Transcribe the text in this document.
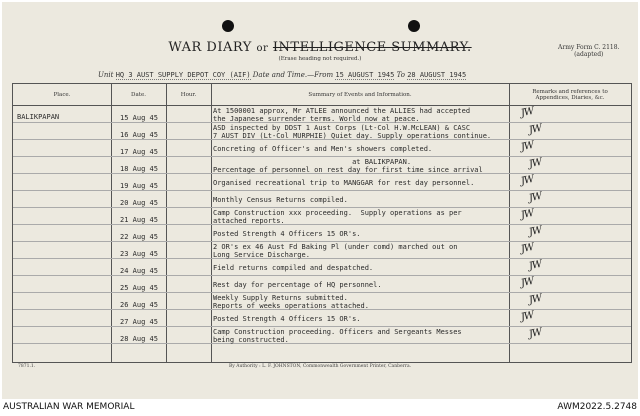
WAR DIARY or INTELLIGENCE SUMMARY.
(Erase heading not required.)
Army Form C. 2118.
(adapted)
Unit HQ 3 AUST SUPPLY DEPOT COY (AIF) Date and Time.—From 15 AUGUST 1945 To 28 AUGUST 1945
Place.	Date.	Hour.	Summary of Events and Information.	Remarks and references to Appendices, Diaries, &c.
BALIKPAPAN	15 Aug 45
At 1500001 approx, Mr ATLEE announced the ALLIES had accepted
the Japanese surrender terms. World now at peace.	JW
16 Aug 45
ASD inspected by DDST 1 Aust Corps (Lt-Col H.W.McLEAN) & CASC
7 AUST DIV (Lt-Col MURPHIE) Quiet day. Supply operations continue.	JW
17 Aug 45	Concreting of Officer's and Men's showers completed.	JW
18 Aug 45
at BALIKPAPAN.
Percentage of personnel on rest day for first time since arrival	JW
19 Aug 45	Organised recreational trip to MANGGAR for rest day personnel.	JW
20 Aug 45	Monthly Census Returns compiled.	JW
21 Aug 45
Camp Construction xxx proceeding.  Supply operations as per
attached reports.	JW
22 Aug 45	Posted Strength 4 Officers 15 OR's.	JW
23 Aug 45
2 OR's ex 46 Aust Fd Baking Pl (under comd) marched out on
Long Service Discharge.	JW
24 Aug 45	Field returns compiled and despatched.	JW
25 Aug 45	Rest day for percentage of HQ personnel.	JW
26 Aug 45
Weekly Supply Returns submitted.
Reports of weeks operations attached.	JW
27 Aug 45	Posted Strength 4 Officers 15 OR's.	JW
28 Aug 45
Camp Construction proceeding. Officers and Sergeants Messes
being constructed.	JW
7871.1.	By Authority : L. F. JOHNSTON, Commonwealth Government Printer, Canberra.
AUSTRALIAN WAR MEMORIAL	AWM2022.5.2748
